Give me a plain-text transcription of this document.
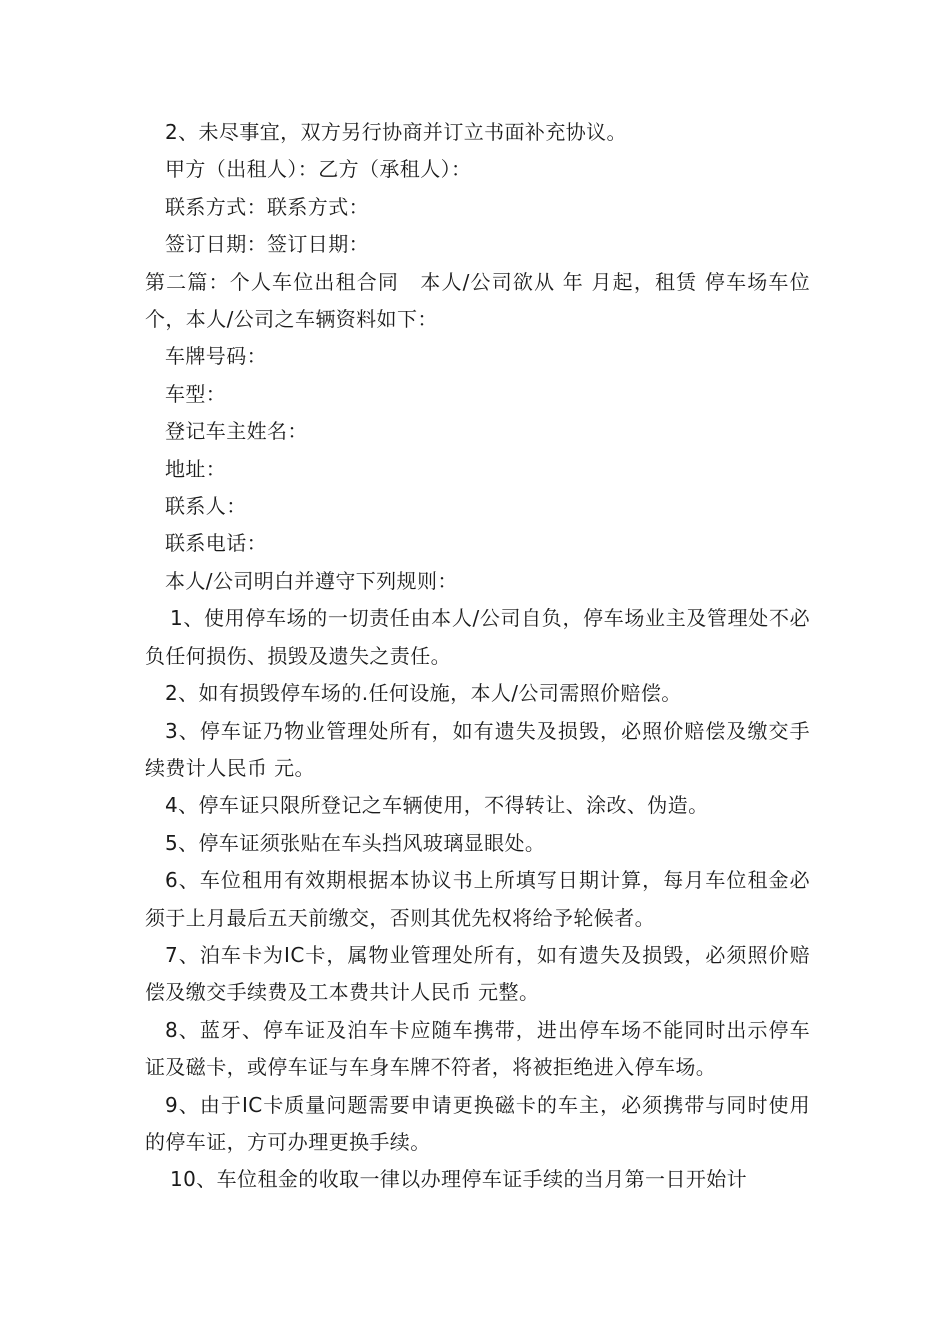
2、未尽事宜，双方另行协商并订立书面补充协议。

甲方（出租人）：乙方（承租人）：

联系方式：联系方式：

签订日期：签订日期：

第二篇：个人车位出租合同　本人/公司欲从 年 月起，租赁 停车场车位 个，本人/公司之车辆资料如下：

车牌号码：

车型：

登记车主姓名：

地址：

联系人：

联系电话：

本人/公司明白并遵守下列规则：

1、使用停车场的一切责任由本人/公司自负，停车场业主及管理处不必负任何损伤、损毁及遗失之责任。

2、如有损毁停车场的.任何设施，本人/公司需照价赔偿。

3、停车证乃物业管理处所有，如有遗失及损毁，必照价赔偿及缴交手续费计人民币 元。

4、停车证只限所登记之车辆使用，不得转让、涂改、伪造。

5、停车证须张贴在车头挡风玻璃显眼处。

6、车位租用有效期根据本协议书上所填写日期计算，每月车位租金必须于上月最后五天前缴交，否则其优先权将给予轮候者。

7、泊车卡为IC卡，属物业管理处所有，如有遗失及损毁，必须照价赔偿及缴交手续费及工本费共计人民币 元整。

8、蓝牙、停车证及泊车卡应随车携带，进出停车场不能同时出示停车证及磁卡，或停车证与车身车牌不符者，将被拒绝进入停车场。

9、由于IC卡质量问题需要申请更换磁卡的车主，必须携带与同时使用的停车证，方可办理更换手续。

10、车位租金的收取一律以办理停车证手续的当月第一日开始计
